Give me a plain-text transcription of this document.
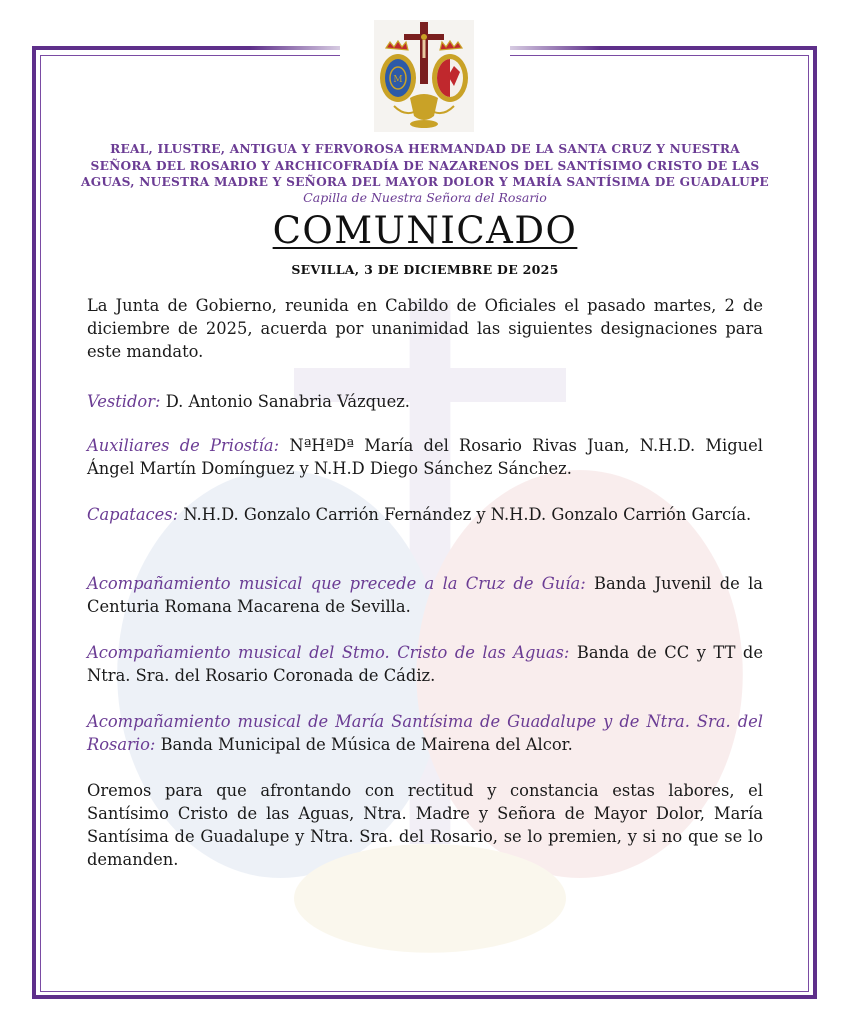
M
REAL, ILUSTRE, ANTIGUA Y FERVOROSA HERMANDAD DE LA SANTA CRUZ Y NUESTRA
SEÑORA DEL ROSARIO Y ARCHICOFRADÍA DE NAZARENOS DEL SANTÍSIMO CRISTO DE LAS
AGUAS, NUESTRA MADRE Y SEÑORA DEL MAYOR DOLOR Y MARÍA SANTÍSIMA DE GUADALUPE
Capilla de Nuestra Señora del Rosario
COMUNICADO
SEVILLA, 3 DE DICIEMBRE DE 2025

La Junta de Gobierno, reunida en Cabildo de Oficiales el pasado martes, 2 de diciembre de 2025, acuerda por unanimidad las siguientes designaciones para este mandato.

Vestidor: D. Antonio Sanabria Vázquez.

Auxiliares de Priostía: NªHªDª María del Rosario Rivas Juan, N.H.D. Miguel Ángel Martín Domínguez y N.H.D Diego Sánchez Sánchez.

Capataces: N.H.D. Gonzalo Carrión Fernández y N.H.D. Gonzalo Carrión García.

Acompañamiento musical que precede a la Cruz de Guía: Banda Juvenil de la Centuria Romana Macarena de Sevilla.

Acompañamiento musical del Stmo. Cristo de las Aguas: Banda de CC y TT de Ntra. Sra. del Rosario Coronada de Cádiz.

Acompañamiento musical de María Santísima de Guadalupe y de Ntra. Sra. del Rosario: Banda Municipal de Música de Mairena del Alcor.

Oremos para que afrontando con rectitud y constancia estas labores, el Santísimo Cristo de las Aguas, Ntra. Madre y Señora de Mayor Dolor, María Santísima de Guadalupe y Ntra. Sra. del Rosario, se lo premien, y si no que se lo demanden.
